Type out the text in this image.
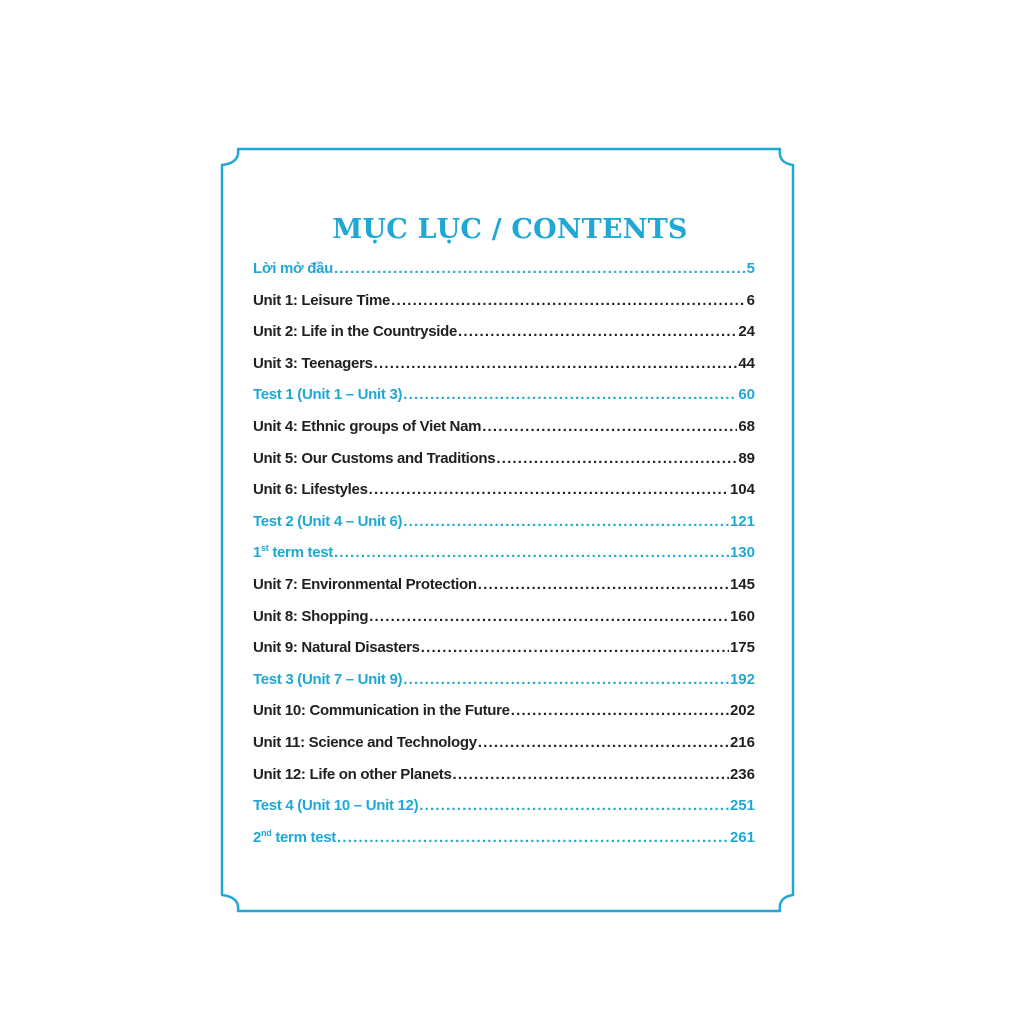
MỤC LỤC / CONTENTS
Lời mở đầu .....	5
Unit 1: Leisure Time .....	6
Unit 2: Life in the Countryside .....	24
Unit 3: Teenagers .....	44
Test 1 (Unit 1 – Unit 3) .....	60
Unit 4: Ethnic groups of Viet Nam .....	68
Unit 5: Our Customs and Traditions .....	89
Unit 6: Lifestyles .....	104
Test 2 (Unit 4 – Unit 6) .....	121
1st term test .....	130
Unit 7: Environmental Protection .....	145
Unit 8: Shopping .....	160
Unit 9: Natural Disasters .....	175
Test 3 (Unit 7 – Unit 9) .....	192
Unit 10: Communication in the Future .....	202
Unit 11: Science and Technology .....	216
Unit 12: Life on other Planets .....	236
Test 4 (Unit 10 – Unit 12) .....	251
2nd term test .....	261
